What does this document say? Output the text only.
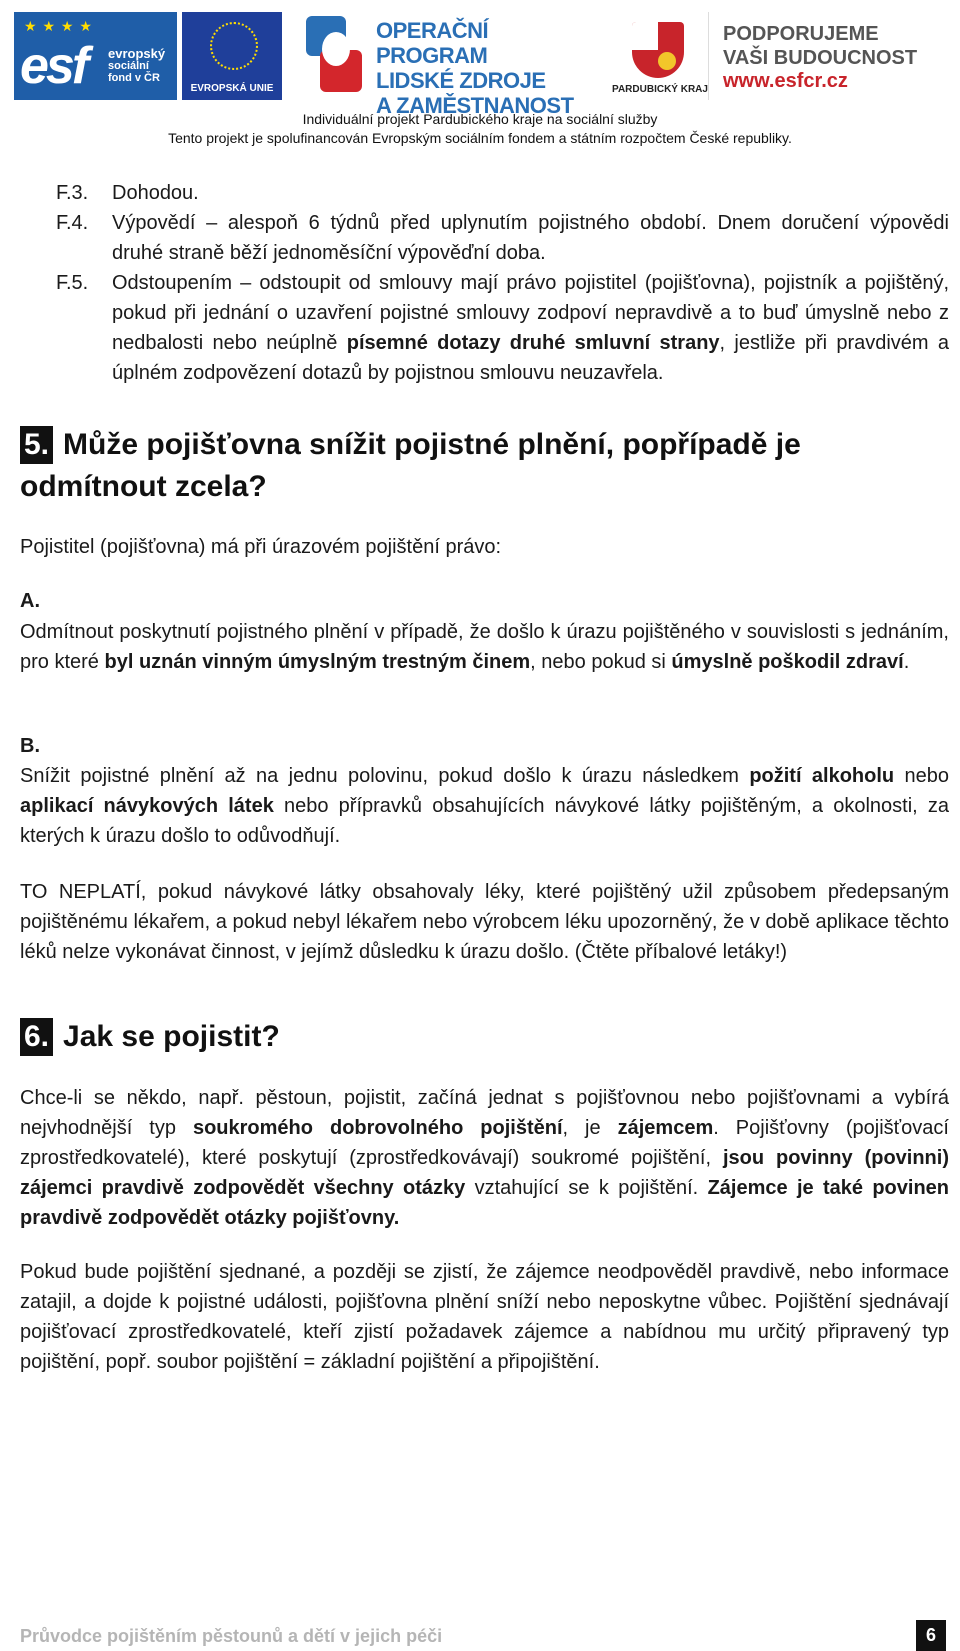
★ ★ ★ ★
esf evropský
sociální
fond v ČR
EVROPSKÁ UNIE
OPERAČNÍ PROGRAM
LIDSKÉ ZDROJE
A ZAMĚSTNANOST
PARDUBICKÝ KRAJ
PODPORUJEME
VAŠI BUDOUCNOST
www.esfcr.cz
Individuální projekt Pardubického kraje na sociální služby
Tento projekt je spolufinancován Evropským sociálním fondem a státním rozpočtem České republiky.
F.3. Dohodou.
F.4. Výpovědí – alespoň 6 týdnů před uplynutím pojistného období. Dnem doručení výpovědi druhé straně běží jednoměsíční výpověďní doba.
F.5. Odstoupením – odstoupit od smlouvy mají právo pojistitel (pojišťovna), pojistník a pojištěný, pokud při jednání o uzavření pojistné smlouvy zodpoví nepravdivě a to buď úmyslně nebo z nedbalosti nebo neúplně písemné dotazy druhé smluvní strany, jestliže při pravdivém a úplném zodpovězení dotazů by pojistnou smlouvu neuzavřela.
5. Může pojišťovna snížit pojistné plnění, popřípadě je odmítnout zcela?
Pojistitel (pojišťovna) má při úrazovém pojištění právo:
A.
Odmítnout poskytnutí pojistného plnění v případě, že došlo k úrazu pojištěného v souvislosti s jednáním, pro které byl uznán vinným úmyslným trestným činem, nebo pokud si úmyslně poškodil zdraví.
B.
Snížit pojistné plnění až na jednu polovinu, pokud došlo k úrazu následkem požití alkoholu nebo aplikací návykových látek nebo přípravků obsahujících návykové látky pojištěným, a okolnosti, za kterých k úrazu došlo to odůvodňují.
TO NEPLATÍ, pokud návykové látky obsahovaly léky, které pojištěný užil způsobem předepsaným pojištěnému lékařem, a pokud nebyl lékařem nebo výrobcem léku upozorněný, že v době aplikace těchto léků nelze vykonávat činnost, v jejímž důsledku k úrazu došlo. (Čtěte příbalové letáky!)
6. Jak se pojistit?
Chce-li se někdo, např. pěstoun, pojistit, začíná jednat s pojišťovnou nebo pojišťovnami a vybírá nejvhodnější typ soukromého dobrovolného pojištění, je zájemcem. Pojišťovny (pojišťovací zprostředkovatelé), které poskytují (zprostředkovávají) soukromé pojištění, jsou povinny (povinni) zájemci pravdivě zodpovědět všechny otázky vztahující se k pojištění. Zájemce je také povinen pravdivě zodpovědět otázky pojišťovny.
Pokud bude pojištění sjednané, a později se zjistí, že zájemce neodpověděl pravdivě, nebo informace zatajil, a dojde k pojistné události, pojišťovna plnění sníží nebo neposkytne vůbec. Pojištění sjednávají pojišťovací zprostředkovatelé, kteří zjistí požadavek zájemce a nabídnou mu určitý připravený typ pojištění, popř. soubor pojištění = základní pojištění a připojištění.
Průvodce pojištěním pěstounů a dětí v jejich péči	6
